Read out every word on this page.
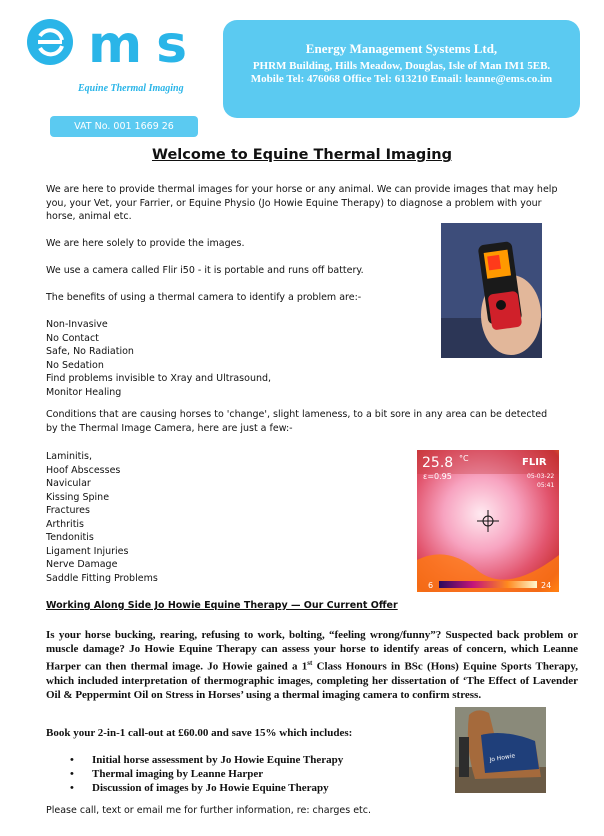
ms
Equine Thermal Imaging
Energy Management Systems Ltd,
PHRM Building, Hills Meadow, Douglas, Isle of Man IM1 5EB.
Mobile Tel: 476068 Office Tel: 613210 Email: leanne@ems.co.im
VAT No. 001 1669 26
Welcome to Equine Thermal Imaging
We are here to provide thermal images for your horse or any animal. We can provide images that may help you, your Vet, your Farrier, or Equine Physio (Jo Howie Equine Therapy) to diagnose a problem with your horse, animal etc.
We are here solely to provide the images.
We use a camera called Flir i50 - it is portable and runs off battery.
The benefits of using a thermal camera to identify a problem are:-
Non-Invasive
No Contact
Safe, No Radiation
No Sedation
Find problems invisible to Xray and Ultrasound,
Monitor Healing
Conditions that are causing horses to 'change', slight lameness, to a bit sore in any area can be detected by the Thermal Image Camera, here are just a few:-
Laminitis,
Hoof Abscesses
Navicular
Kissing Spine
Fractures
Arthritis
Tendonitis
Ligament Injuries
Nerve Damage
Saddle Fitting Problems
25.8 °C
ε=0.95
FLIR
05-03-22
05:41
6	24
Working Along Side Jo Howie Equine Therapy — Our Current Offer
Is your horse bucking, rearing, refusing to work, bolting, “feeling wrong/funny”? Suspected back problem or muscle damage? Jo Howie Equine Therapy can assess your horse to identify areas of concern, which Leanne Harper can then thermal image. Jo Howie gained a 1st Class Honours in BSc (Hons) Equine Sports Therapy, which included interpretation of thermographic images, completing her dissertation of ‘The Effect of Lavender Oil & Peppermint Oil on Stress in Horses’ using a thermal imaging camera to confirm stress.
Book your 2-in-1 call-out at £60.00 and save 15% which includes:
• Initial horse assessment by Jo Howie Equine Therapy
• Thermal imaging by Leanne Harper
• Discussion of images by Jo Howie Equine Therapy
Jo Howie
Please call, text or email me for further information, re: charges etc.
